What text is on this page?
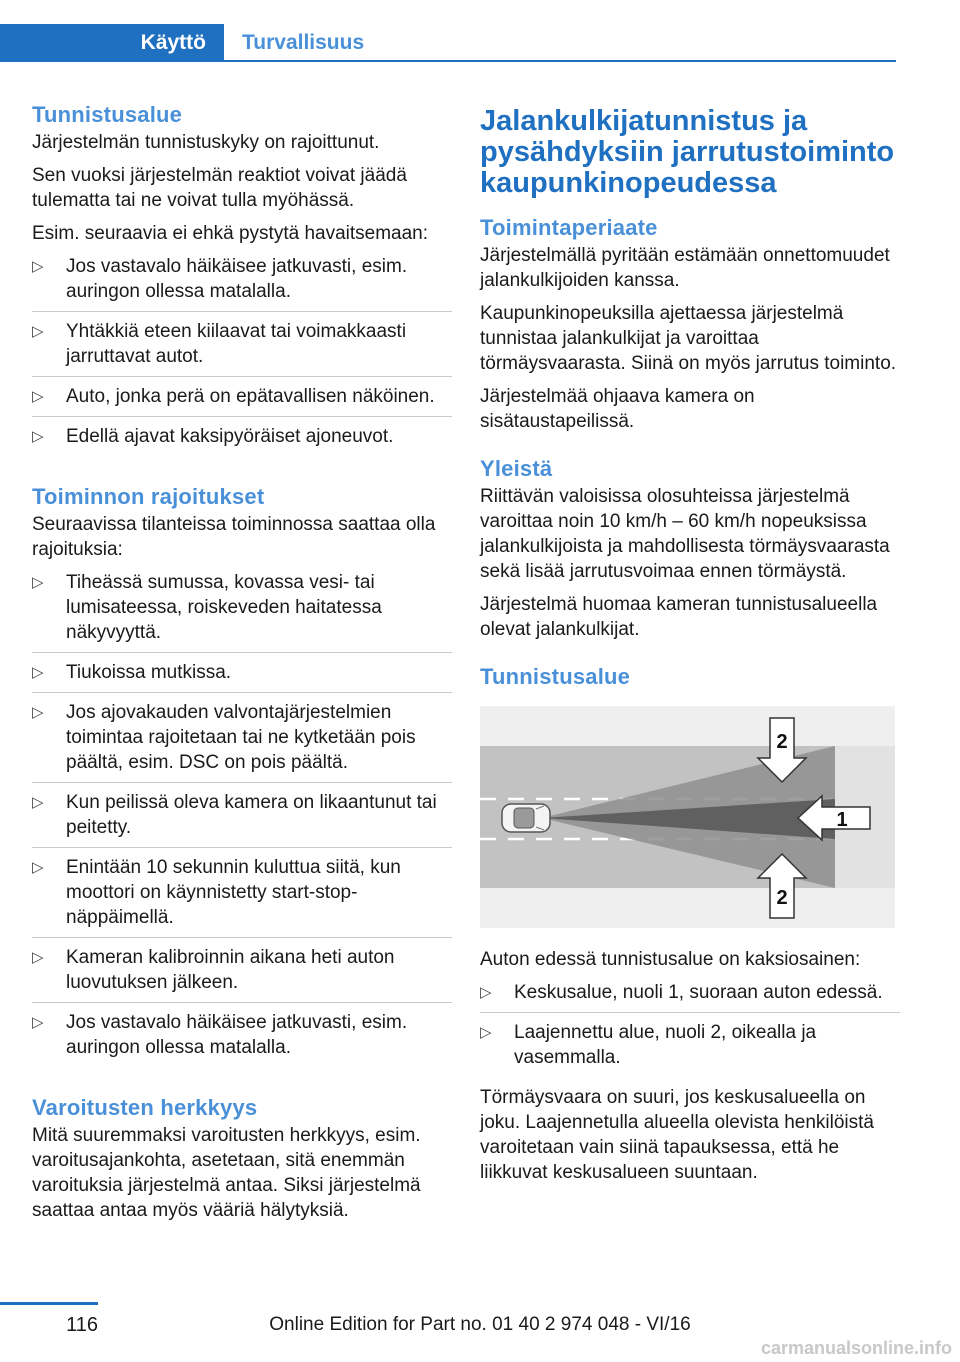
Käyttö	Turvallisuus
Tunnistusalue

Järjestelmän tunnistuskyky on rajoittunut.

Sen vuoksi järjestelmän reaktiot voivat jäädä tulematta tai ne voivat tulla myöhässä.

Esim. seuraavia ei ehkä pystytä havaitsemaan:

▷ Jos vastavalo häikäisee jatkuvasti, esim. auringon ollessa matalalla.
▷ Yhtäkkiä eteen kiilaavat tai voimakkaasti jarruttavat autot.
▷ Auto, jonka perä on epätavallisen näköinen.
▷ Edellä ajavat kaksipyöräiset ajoneuvot.
Toiminnon rajoitukset

Seuraavissa tilanteissa toiminnossa saattaa olla rajoituksia:

▷ Tiheässä sumussa, kovassa vesi- tai lumisateessa, roiskeveden haitatessa näkyvyyttä.
▷ Tiukoissa mutkissa.
▷ Jos ajovakauden valvontajärjestelmien toimintaa rajoitetaan tai ne kytketään pois päältä, esim. DSC on pois päältä.
▷ Kun peilissä oleva kamera on likaantunut tai peitetty.
▷ Enintään 10 sekunnin kuluttua siitä, kun moottori on käynnistetty start-stop-näppäimellä.
▷ Kameran kalibroinnin aikana heti auton luovutuksen jälkeen.
▷ Jos vastavalo häikäisee jatkuvasti, esim. auringon ollessa matalalla.
Varoitusten herkkyys

Mitä suuremmaksi varoitusten herkkyys, esim. varoitusajankohta, asetetaan, sitä enemmän varoituksia järjestelmä antaa. Siksi järjestelmä saattaa antaa myös vääriä hälytyksiä.

Jalankulkijatunnistus ja pysähdyksiin jarrutustoiminto kaupunkinopeudessa
Toimintaperiaate

Järjestelmällä pyritään estämään onnettomuudet jalankulkijoiden kanssa.

Kaupunkinopeuksilla ajettaessa järjestelmä tunnistaa jalankulkijat ja varoittaa törmäysvaarasta. Siinä on myös jarrutus toiminto.

Järjestelmää ohjaava kamera on sisätaustapeilissä.

Yleistä

Riittävän valoisissa olosuhteissa järjestelmä varoittaa noin 10 km/h – 60 km/h nopeuksissa jalankulkijoista ja mahdollisesta törmäysvaarasta sekä lisää jarrutusvoimaa ennen törmäystä.

Järjestelmä huomaa kameran tunnistusalueella olevat jalankulkijat.

Tunnistusalue
1
2
2

Auton edessä tunnistusalue on kaksiosainen:

▷ Keskusalue, nuoli 1, suoraan auton edessä.
▷ Laajennettu alue, nuoli 2, oikealla ja vasemmalla.

Törmäysvaara on suuri, jos keskusalueella on joku. Laajennetulla alueella olevista henkilöistä varoitetaan vain siinä tapauksessa, että he liikkuvat keskusalueen suuntaan.

116	Online Edition for Part no. 01 40 2 974 048 - VI/16
carmanualsonline.info
